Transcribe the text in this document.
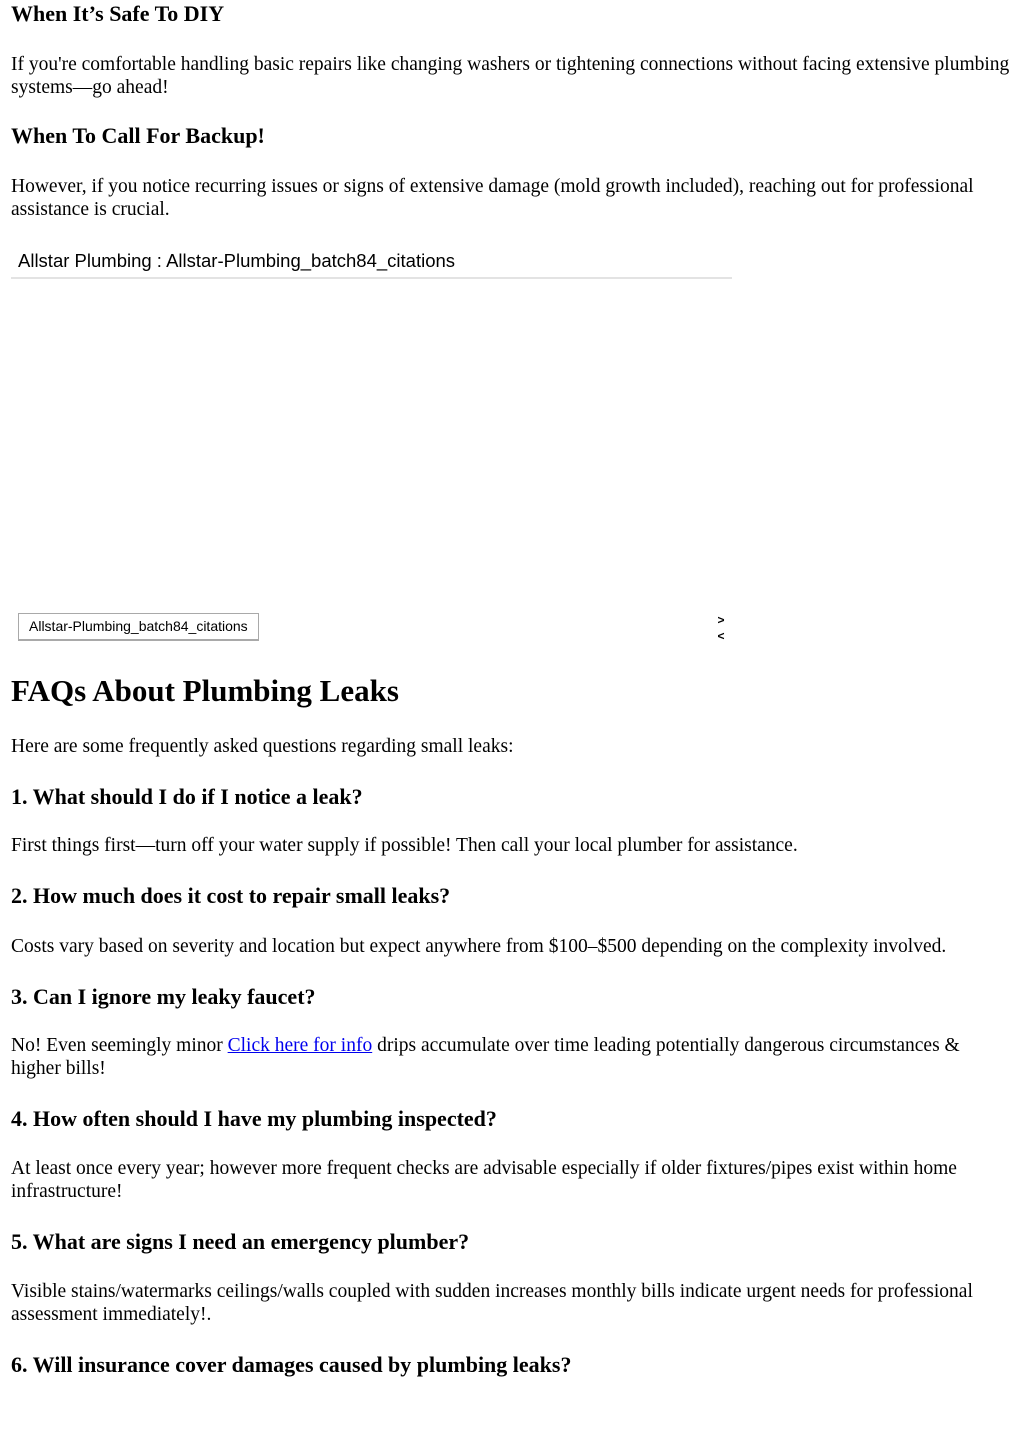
When It’s Safe To DIY

If you're comfortable handling basic repairs like changing washers or tightening connections without facing extensive plumbing systems—go ahead!

When To Call For Backup!

However, if you notice recurring issues or signs of extensive damage (mold growth included), reaching out for professional assistance is crucial.

Allstar Plumbing : Allstar-Plumbing_batch84_citations
Allstar-Plumbing_batch84_citations	>
<
FAQs About Plumbing Leaks

Here are some frequently asked questions regarding small leaks:

1. What should I do if I notice a leak?

First things first—turn off your water supply if possible! Then call your local plumber for assistance.

2. How much does it cost to repair small leaks?

Costs vary based on severity and location but expect anywhere from $100–$500 depending on the complexity involved.

3. Can I ignore my leaky faucet?

No! Even seemingly minor Click here for info drips accumulate over time leading potentially dangerous circumstances & higher bills!

4. How often should I have my plumbing inspected?

At least once every year; however more frequent checks are advisable especially if older fixtures/pipes exist within home infrastructure!

5. What are signs I need an emergency plumber?

Visible stains/watermarks ceilings/walls coupled with sudden increases monthly bills indicate urgent needs for professional assessment immediately!.

6. Will insurance cover damages caused by plumbing leaks?
